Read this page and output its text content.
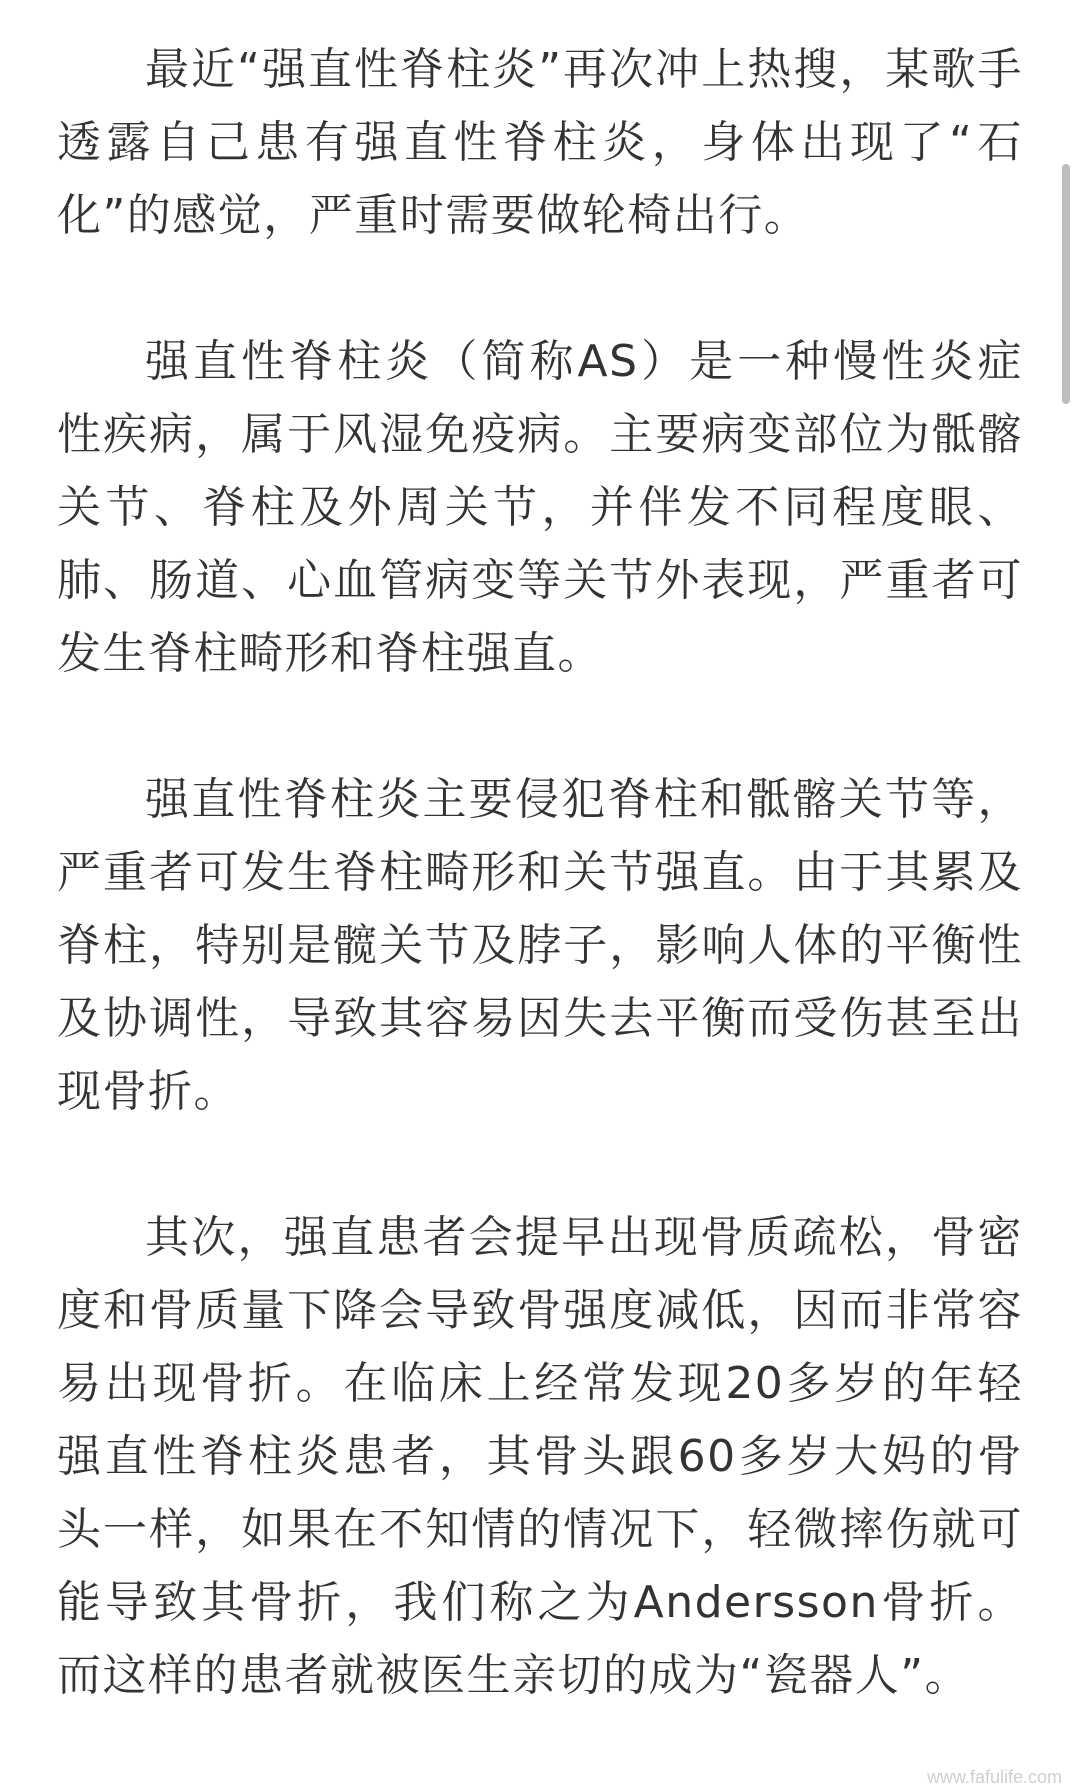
最近“强直性脊柱炎”再次冲上热搜，某歌手透露自己患有强直性脊柱炎，身体出现了“石化”的感觉，严重时需要做轮椅出行。

强直性脊柱炎（简称AS）是一种慢性炎症性疾病，属于风湿免疫病。主要病变部位为骶髂关节、脊柱及外周关节，并伴发不同程度眼、肺、肠道、心血管病变等关节外表现，严重者可发生脊柱畸形和脊柱强直。

强直性脊柱炎主要侵犯脊柱和骶髂关节等，严重者可发生脊柱畸形和关节强直。由于其累及脊柱，特别是髋关节及脖子，影响人体的平衡性及协调性，导致其容易因失去平衡而受伤甚至出现骨折。

其次，强直患者会提早出现骨质疏松，骨密度和骨质量下降会导致骨强度减低，因而非常容易出现骨折。在临床上经常发现20多岁的年轻强直性脊柱炎患者，其骨头跟60多岁大妈的骨头一样，如果在不知情的情况下，轻微摔伤就可能导致其骨折，我们称之为Andersson骨折。而这样的患者就被医生亲切的成为“瓷器人”。

www.fafulife.com
